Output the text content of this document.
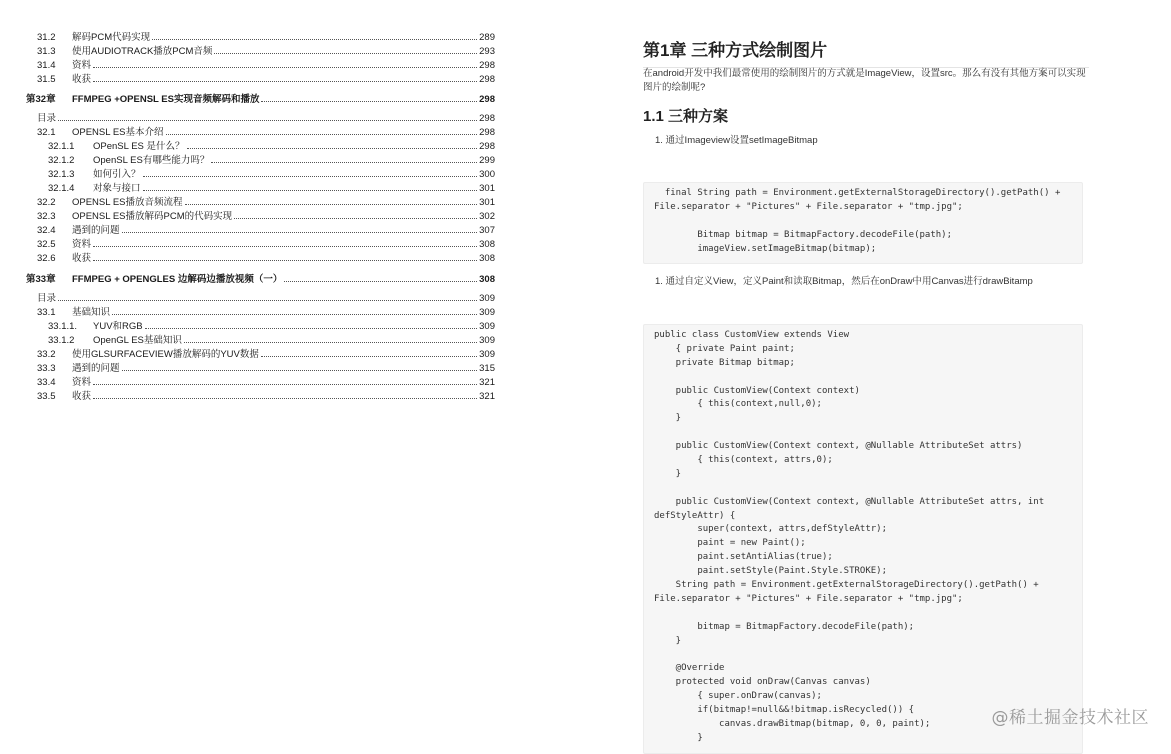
31.2	解码PCM代码实现	289
31.3	使用AUDIOTRACK播放PCM音频	293
31.4	资料	298
31.5	收获	298
第32章	FFMPEG +OPENSL ES实现音频解码和播放	298
目录	298
32.1	OPENSL ES基本介绍	298
32.1.1	OPenSL ES 是什么？	298
32.1.2	OpenSL ES有哪些能力吗？	299
32.1.3	如何引入？	300
32.1.4	对象与接口	301
32.2	OPENSL ES播放音频流程	301
32.3	OPENSL ES播放解码PCM的代码实现	302
32.4	遇到的问题	307
32.5	资料	308
32.6	收获	308
第33章	FFMPEG + OPENGLES 边解码边播放视频（一）	308
目录	309
33.1	基础知识	309
33.1.1.	YUV和RGB	309
33.1.2	OpenGL ES基础知识	309
33.2	使用GLSURFACEVIEW播放解码的YUV数据	309
33.3	遇到的问题	315
33.4	资料	321
33.5	收获	321
第1章 三种方式绘制图片
在android开发中我们最常使用的绘制图片的方式就是ImageView，设置src。那么有没有其他方案可以实现图片的绘制呢?
1.1 三种方案
1. 通过Imageview设置setImageBitmap
final String path = Environment.getExternalStorageDirectory().getPath() +
File.separator + "Pictures" + File.separator + "tmp.jpg";

Bitmap bitmap = BitmapFactory.decodeFile(path);
imageView.setImageBitmap(bitmap);
1. 通过自定义View，定义Paint和读取Bitmap，然后在onDraw中用Canvas进行drawBitamp
public class CustomView extends View
{ private Paint paint;
private Bitmap bitmap;

public CustomView(Context context)
{ this(context,null,0);
}

public CustomView(Context context, @Nullable AttributeSet attrs)
{ this(context, attrs,0);
}

public CustomView(Context context, @Nullable AttributeSet attrs, int
defStyleAttr) {
super(context, attrs,defStyleAttr);
paint = new Paint();
paint.setAntiAlias(true);
paint.setStyle(Paint.Style.STROKE);
String path = Environment.getExternalStorageDirectory().getPath() +
File.separator + "Pictures" + File.separator + "tmp.jpg";

bitmap = BitmapFactory.decodeFile(path);
}

@Override
protected void onDraw(Canvas canvas)
{ super.onDraw(canvas);
if(bitmap!=null&&!bitmap.isRecycled()) {
canvas.drawBitmap(bitmap, 0, 0, paint);
}
@稀土掘金技术社区
